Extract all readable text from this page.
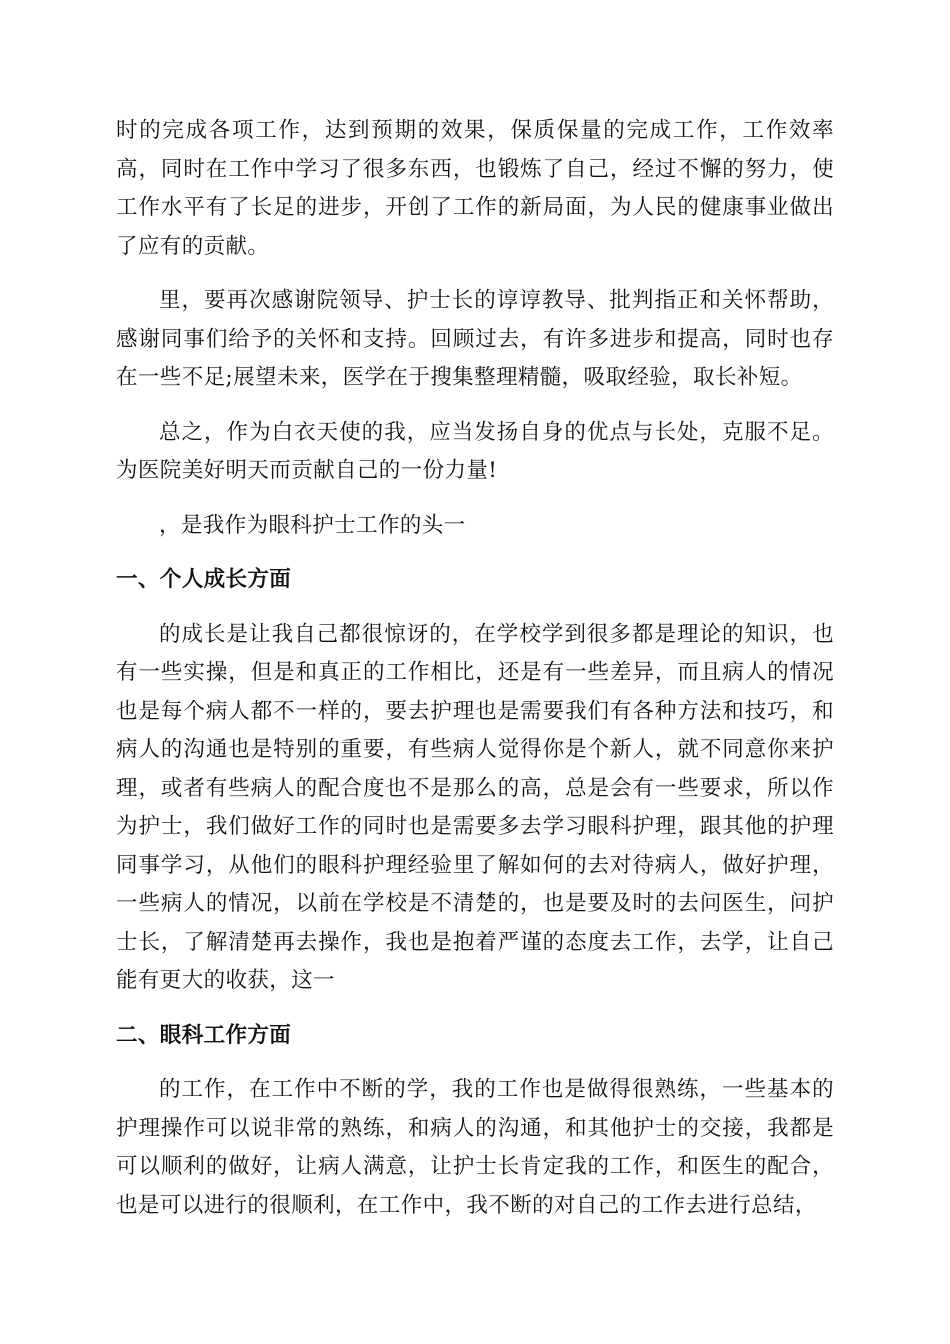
时的完成各项工作，达到预期的效果，保质保量的完成工作，工作效率高，同时在工作中学习了很多东西，也锻炼了自己，经过不懈的努力，使工作水平有了长足的进步，开创了工作的新局面，为人民的健康事业做出了应有的贡献。

里，要再次感谢院领导、护士长的谆谆教导、批判指正和关怀帮助，感谢同事们给予的关怀和支持。回顾过去，有许多进步和提高，同时也存在一些不足;展望未来，医学在于搜集整理精髓，吸取经验，取长补短。

总之，作为白衣天使的我，应当发扬自身的优点与长处，克服不足。为医院美好明天而贡献自己的一份力量!

，是我作为眼科护士工作的头一

一、个人成长方面

的成长是让我自己都很惊讶的，在学校学到很多都是理论的知识，也有一些实操，但是和真正的工作相比，还是有一些差异，而且病人的情况也是每个病人都不一样的，要去护理也是需要我们有各种方法和技巧，和病人的沟通也是特别的重要，有些病人觉得你是个新人，就不同意你来护理，或者有些病人的配合度也不是那么的高，总是会有一些要求，所以作为护士，我们做好工作的同时也是需要多去学习眼科护理，跟其他的护理同事学习，从他们的眼科护理经验里了解如何的去对待病人，做好护理，一些病人的情况，以前在学校是不清楚的，也是要及时的去问医生，问护士长，了解清楚再去操作，我也是抱着严谨的态度去工作，去学，让自己能有更大的收获，这一

二、眼科工作方面

的工作，在工作中不断的学，我的工作也是做得很熟练，一些基本的护理操作可以说非常的熟练，和病人的沟通，和其他护士的交接，我都是可以顺利的做好，让病人满意，让护士长肯定我的工作，和医生的配合，也是可以进行的很顺利，在工作中，我不断的对自己的工作去进行总结，
